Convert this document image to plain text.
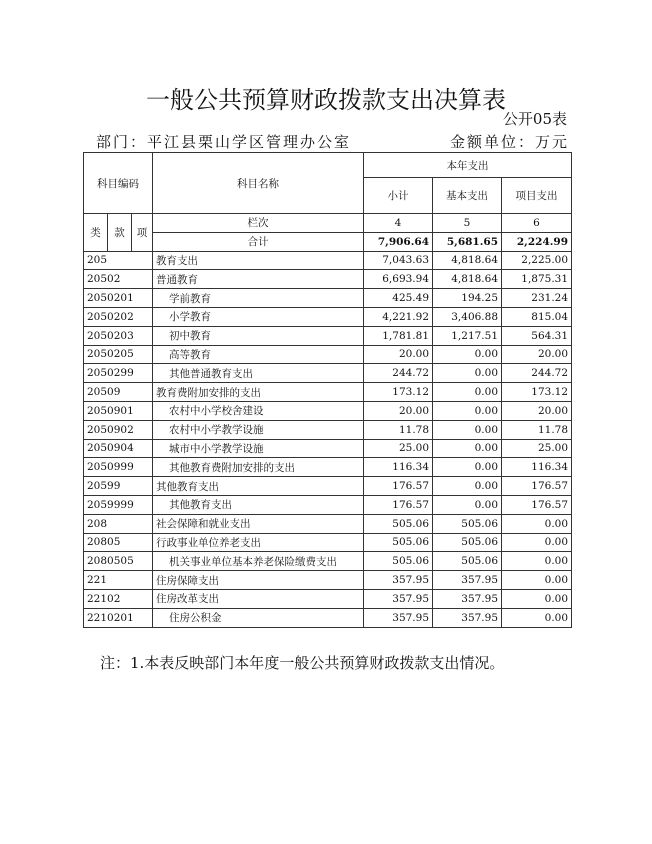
一般公共预算财政拨款支出决算表
公开05表
部门：平江县栗山学区管理办公室	金额单位：万元
科目编码			科目名称	本年支出		
				小计	基本支出	项目支出
类	款	项	栏次	4	5	6
			合计	7,906.64	5,681.65	2,224.99
205			教育支出	7,043.63	4,818.64	2,225.00
20502			普通教育	6,693.94	4,818.64	1,875.31
2050201			学前教育	425.49	194.25	231.24
2050202			小学教育	4,221.92	3,406.88	815.04
2050203			初中教育	1,781.81	1,217.51	564.31
2050205			高等教育	20.00	0.00	20.00
2050299			其他普通教育支出	244.72	0.00	244.72
20509			教育费附加安排的支出	173.12	0.00	173.12
2050901			农村中小学校舍建设	20.00	0.00	20.00
2050902			农村中小学教学设施	11.78	0.00	11.78
2050904			城市中小学教学设施	25.00	0.00	25.00
2050999			其他教育费附加安排的支出	116.34	0.00	116.34
20599			其他教育支出	176.57	0.00	176.57
2059999			其他教育支出	176.57	0.00	176.57
208			社会保障和就业支出	505.06	505.06	0.00
20805			行政事业单位养老支出	505.06	505.06	0.00
2080505			机关事业单位基本养老保险缴费支出	505.06	505.06	0.00
221			住房保障支出	357.95	357.95	0.00
22102			住房改革支出	357.95	357.95	0.00
2210201			住房公积金	357.95	357.95	0.00
注：1.本表反映部门本年度一般公共预算财政拨款支出情况。
